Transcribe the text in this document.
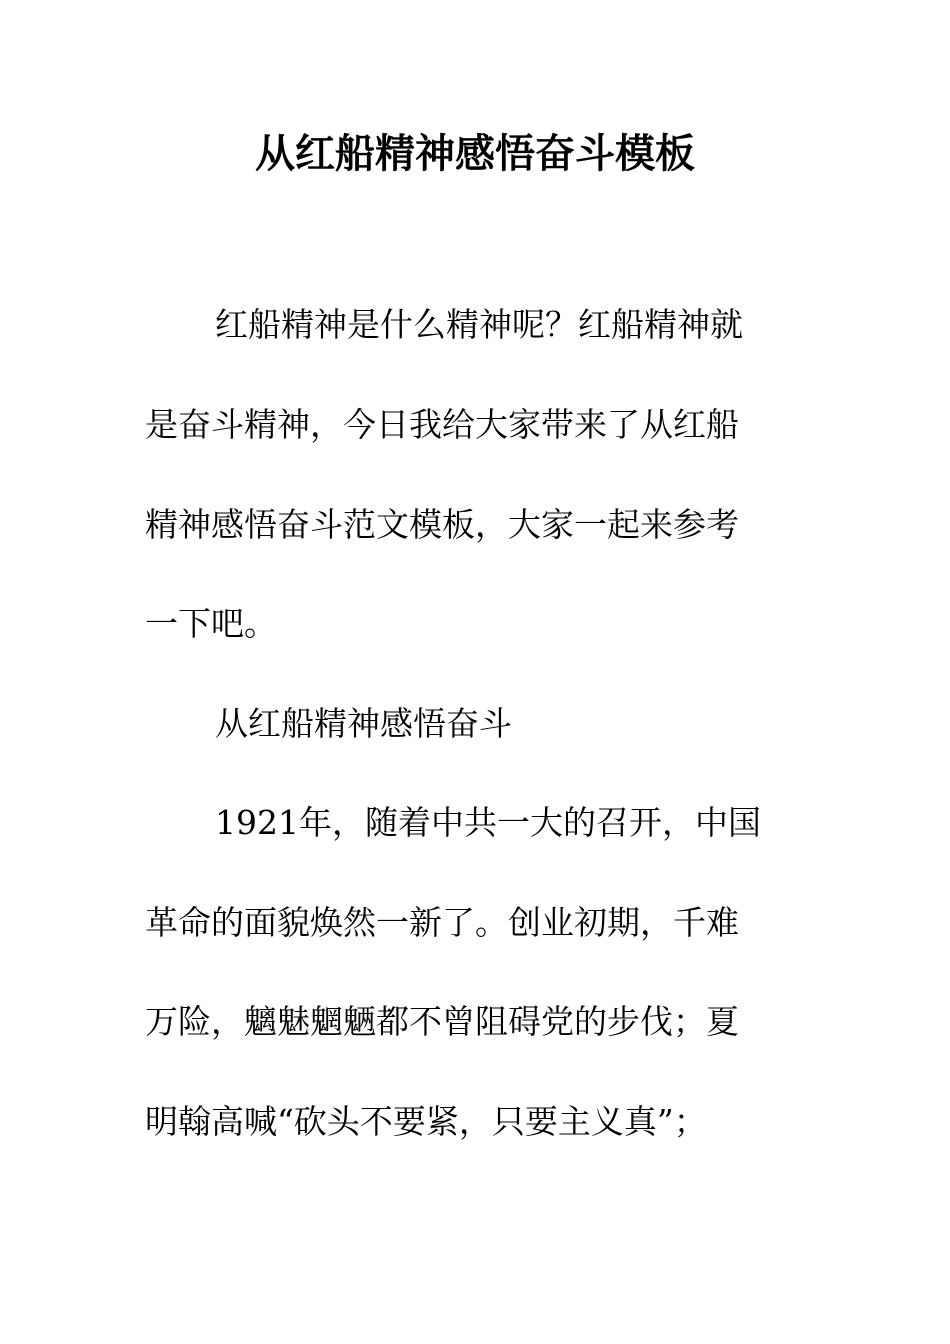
从红船精神感悟奋斗模板

红船精神是什么精神呢？红船精神就

是奋斗精神，今日我给大家带来了从红船

精神感悟奋斗范文模板，大家一起来参考

一下吧。

从红船精神感悟奋斗

1921年，随着中共一大的召开，中国

革命的面貌焕然一新了。创业初期，千难

万险，魑魅魍魉都不曾阻碍党的步伐；夏

明翰高喊“砍头不要紧，只要主义真”；
